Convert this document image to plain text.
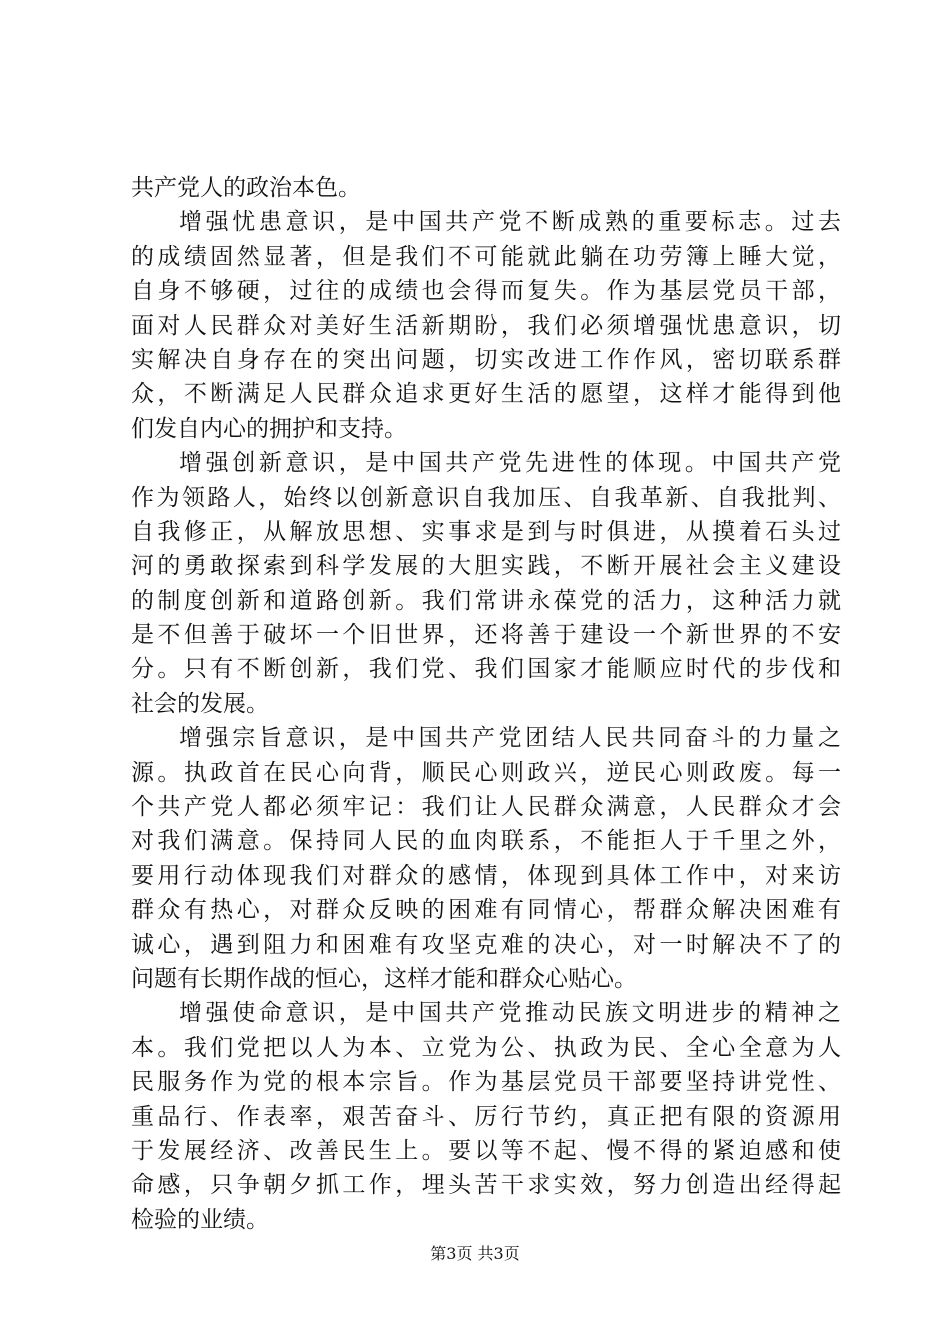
共产党人的政治本色。

增强忧患意识，是中国共产党不断成熟的重要标志。过去
的成绩固然显著，但是我们不可能就此躺在功劳簿上睡大觉，
自身不够硬，过往的成绩也会得而复失。作为基层党员干部，
面对人民群众对美好生活新期盼，我们必须增强忧患意识，切
实解决自身存在的突出问题，切实改进工作作风，密切联系群
众，不断满足人民群众追求更好生活的愿望，这样才能得到他
们发自内心的拥护和支持。

增强创新意识，是中国共产党先进性的体现。中国共产党
作为领路人，始终以创新意识自我加压、自我革新、自我批判、
自我修正，从解放思想、实事求是到与时俱进，从摸着石头过
河的勇敢探索到科学发展的大胆实践，不断开展社会主义建设
的制度创新和道路创新。我们常讲永葆党的活力，这种活力就
是不但善于破坏一个旧世界，还将善于建设一个新世界的不安
分。只有不断创新，我们党、我们国家才能顺应时代的步伐和
社会的发展。

增强宗旨意识，是中国共产党团结人民共同奋斗的力量之
源。执政首在民心向背，顺民心则政兴，逆民心则政废。每一
个共产党人都必须牢记：我们让人民群众满意，人民群众才会
对我们满意。保持同人民的血肉联系，不能拒人于千里之外，
要用行动体现我们对群众的感情，体现到具体工作中，对来访
群众有热心，对群众反映的困难有同情心，帮群众解决困难有
诚心，遇到阻力和困难有攻坚克难的决心，对一时解决不了的
问题有长期作战的恒心，这样才能和群众心贴心。

增强使命意识，是中国共产党推动民族文明进步的精神之
本。我们党把以人为本、立党为公、执政为民、全心全意为人
民服务作为党的根本宗旨。作为基层党员干部要坚持讲党性、
重品行、作表率，艰苦奋斗、厉行节约，真正把有限的资源用
于发展经济、改善民生上。要以等不起、慢不得的紧迫感和使
命感，只争朝夕抓工作，埋头苦干求实效，努力创造出经得起
检验的业绩。

第3页 共3页
